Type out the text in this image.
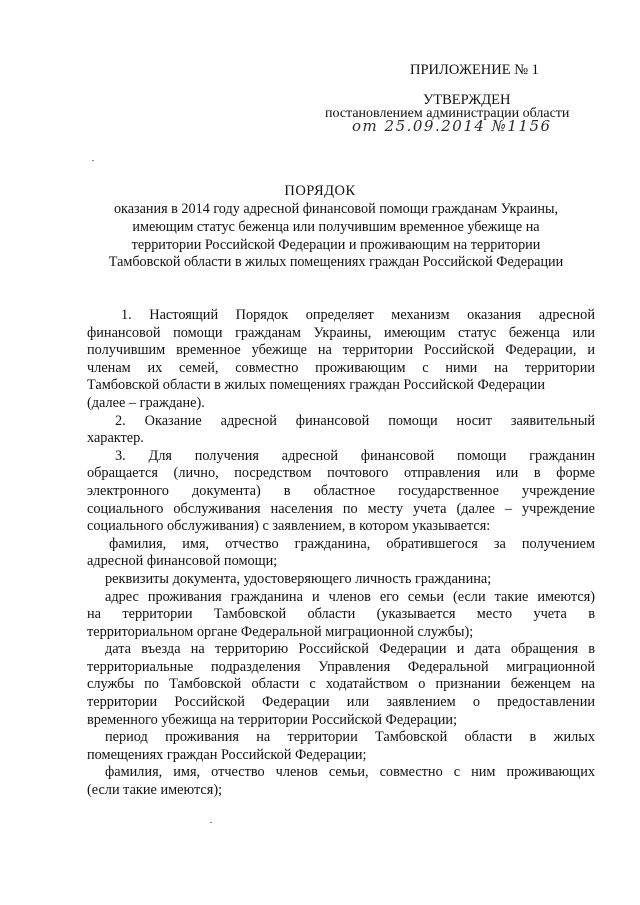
ПРИЛОЖЕНИЕ № 1
УТВЕРЖДЕН
постановлением администрации области
от 25.09.2014 №1156
ПОРЯДОК
оказания в 2014 году адресной финансовой помощи гражданам Украины,
имеющим статус беженца или получившим временное убежище на
территории Российской Федерации и проживающим на территории
Тамбовской области в жилых помещениях граждан Российской Федерации
1. Настоящий Порядок определяет механизм оказания адресной
финансовой помощи гражданам Украины, имеющим статус беженца или
получившим временное убежище на территории Российской Федерации, и
членам их семей, совместно проживающим с ними на территории
Тамбовской области в жилых помещениях граждан Российской Федерации
(далее – граждане).
2. Оказание адресной финансовой помощи носит заявительный
характер.
3. Для получения адресной финансовой помощи гражданин
обращается (лично, посредством почтового отправления или в форме
электронного документа) в областное государственное учреждение
социального обслуживания населения по месту учета (далее – учреждение
социального обслуживания) с заявлением, в котором указывается:
фамилия, имя, отчество гражданина, обратившегося за получением
адресной финансовой помощи;
реквизиты документа, удостоверяющего личность гражданина;
адрес проживания гражданина и членов его семьи (если такие имеются)
на территории Тамбовской области (указывается место учета в
территориальном органе Федеральной миграционной службы);
дата въезда на территорию Российской Федерации и дата обращения в
территориальные подразделения Управления Федеральной миграционной
службы по Тамбовской области с ходатайством о признании беженцем на
территории Российской Федерации или заявлением о предоставлении
временного убежища на территории Российской Федерации;
период проживания на территории Тамбовской области в жилых
помещениях граждан Российской Федерации;
фамилия, имя, отчество членов семьи, совместно с ним проживающих
(если такие имеются);
